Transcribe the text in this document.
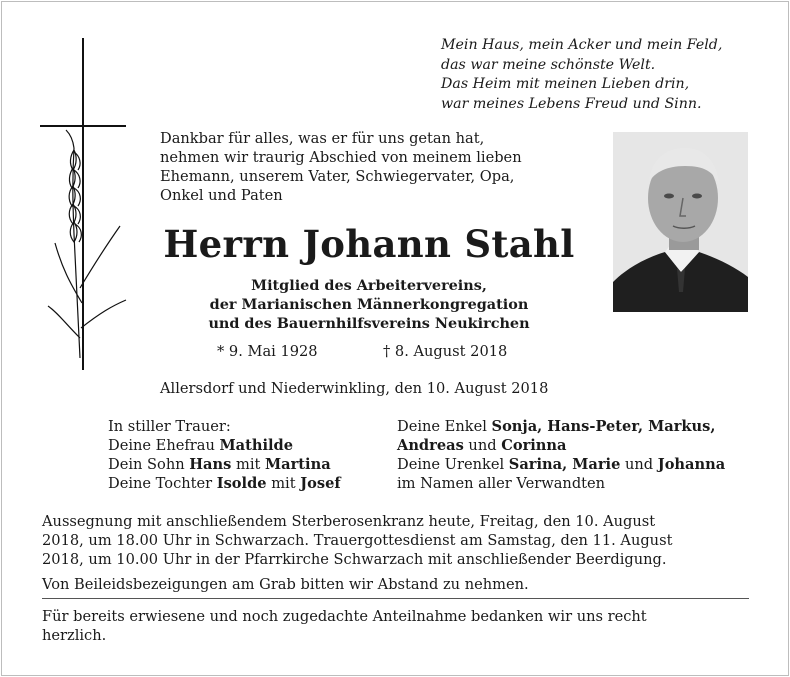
Mein Haus, mein Acker und mein Feld,
das war meine schönste Welt.
Das Heim mit meinen Lieben drin,
war meines Lebens Freud und Sinn.
Dankbar für alles, was er für uns getan hat,
nehmen wir traurig Abschied von meinem lieben
Ehemann, unserem Vater, Schwiegervater, Opa,
Onkel und Paten
Herrn Johann Stahl
Mitglied des Arbeitervereins,
der Marianischen Männerkongregation
und des Bauernhilfsvereins Neukirchen
* 9. Mai 1928	† 8. August 2018
Allersdorf und Niederwinkling, den 10. August 2018
In stiller Trauer:
Deine Ehefrau Mathilde
Dein Sohn Hans mit Martina
Deine Tochter Isolde mit Josef
Deine Enkel Sonja, Hans-Peter, Markus,
Andreas und Corinna
Deine Urenkel Sarina, Marie und Johanna
im Namen aller Verwandten
Aussegnung mit anschließendem Sterberosenkranz heute, Freitag, den 10. August
2018, um 18.00 Uhr in Schwarzach. Trauergottesdienst am Samstag, den 11. August
2018, um 10.00 Uhr in der Pfarrkirche Schwarzach mit anschließender Beerdigung.
Von Beileidsbezeigungen am Grab bitten wir Abstand zu nehmen.
Für bereits erwiesene und noch zugedachte Anteilnahme bedanken wir uns recht
herzlich.
